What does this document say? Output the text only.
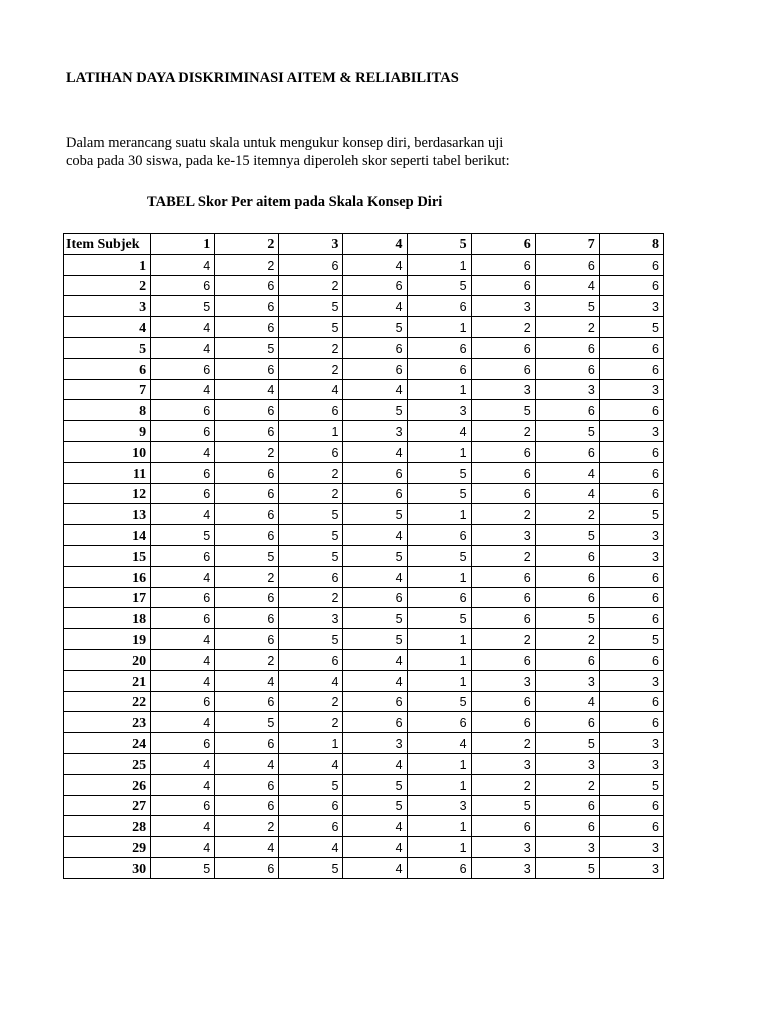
LATIHAN DAYA DISKRIMINASI AITEM & RELIABILITAS

Dalam merancang suatu skala untuk mengukur konsep diri, berdasarkan uji
coba pada 30 siswa, pada ke-15 itemnya diperoleh skor seperti tabel berikut:

TABEL Skor Per aitem pada Skala Konsep Diri
Item Subjek	1	2	3	4	5	6	7	8
1	4	2	6	4	1	6	6	6
2	6	6	2	6	5	6	4	6
3	5	6	5	4	6	3	5	3
4	4	6	5	5	1	2	2	5
5	4	5	2	6	6	6	6	6
6	6	6	2	6	6	6	6	6
7	4	4	4	4	1	3	3	3
8	6	6	6	5	3	5	6	6
9	6	6	1	3	4	2	5	3
10	4	2	6	4	1	6	6	6
11	6	6	2	6	5	6	4	6
12	6	6	2	6	5	6	4	6
13	4	6	5	5	1	2	2	5
14	5	6	5	4	6	3	5	3
15	6	5	5	5	5	2	6	3
16	4	2	6	4	1	6	6	6
17	6	6	2	6	6	6	6	6
18	6	6	3	5	5	6	5	6
19	4	6	5	5	1	2	2	5
20	4	2	6	4	1	6	6	6
21	4	4	4	4	1	3	3	3
22	6	6	2	6	5	6	4	6
23	4	5	2	6	6	6	6	6
24	6	6	1	3	4	2	5	3
25	4	4	4	4	1	3	3	3
26	4	6	5	5	1	2	2	5
27	6	6	6	5	3	5	6	6
28	4	2	6	4	1	6	6	6
29	4	4	4	4	1	3	3	3
30	5	6	5	4	6	3	5	3
